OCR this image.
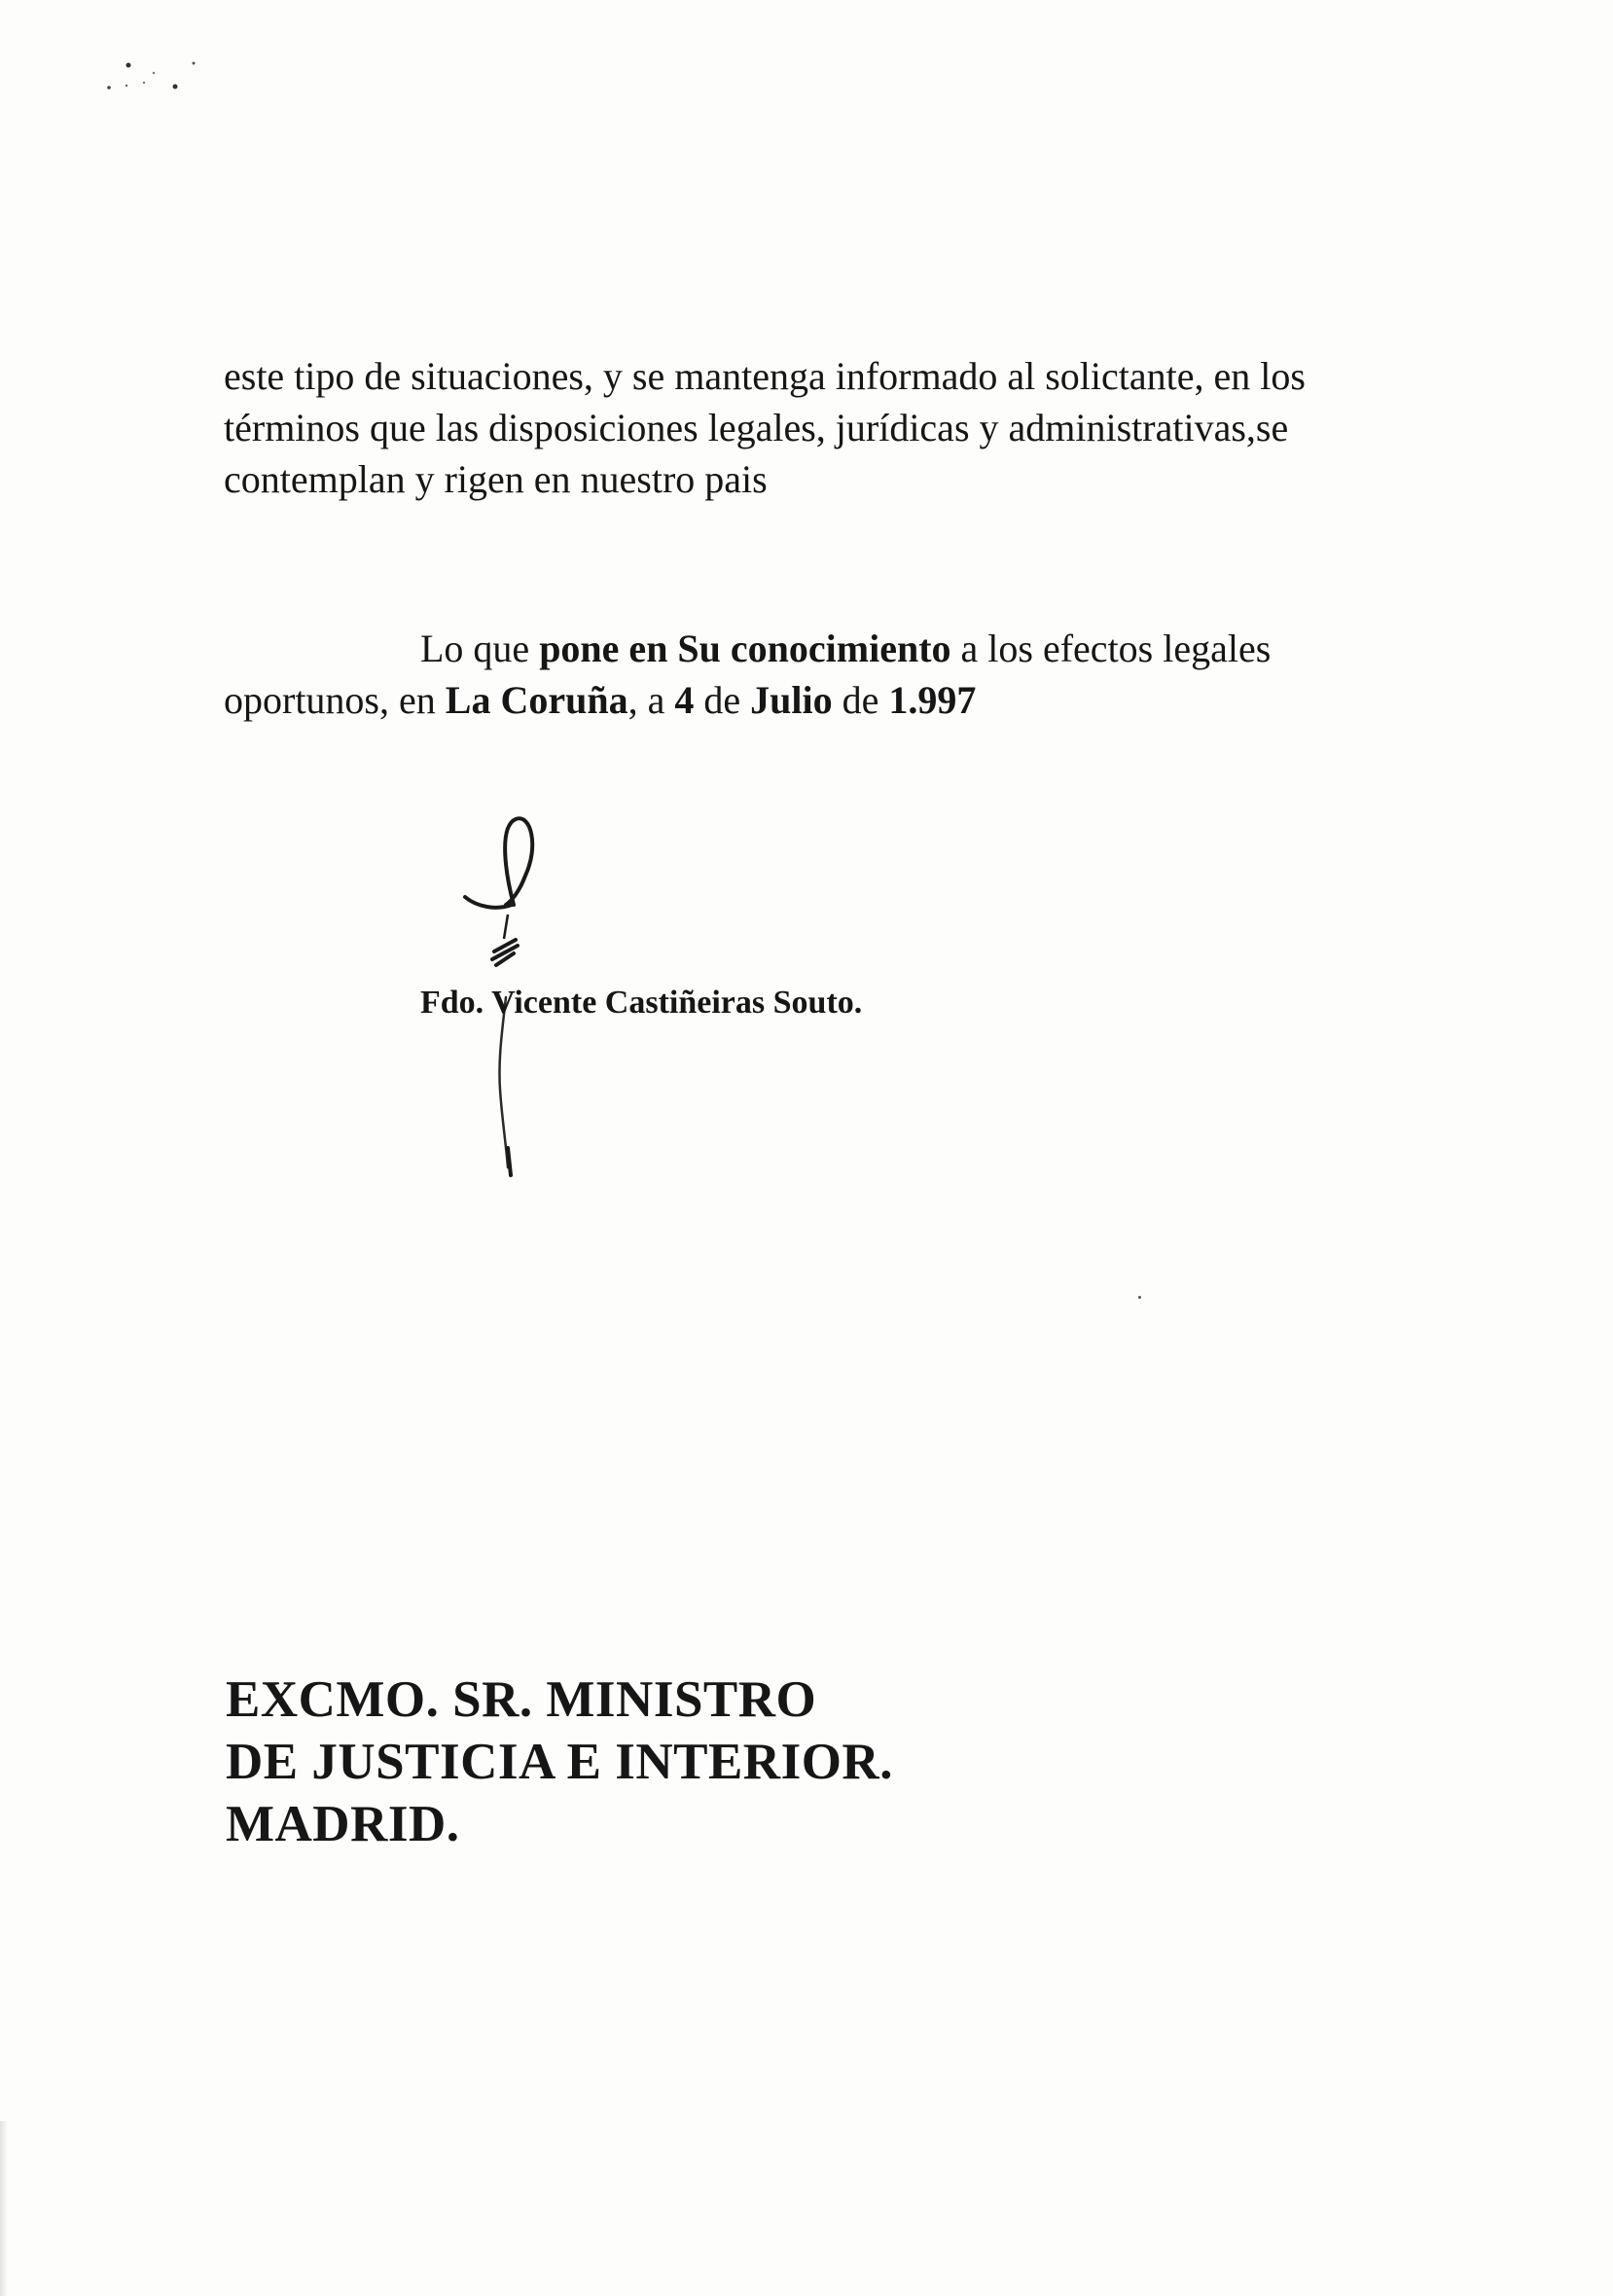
este tipo de situaciones, y se mantenga informado al solictante, en los
términos que las disposiciones legales, jurídicas y administrativas,se
contemplan y rigen en nuestro pais

Lo que pone en Su conocimiento a los efectos legales
oportunos, en La Coruña, a 4 de Julio de 1.997

Fdo. Vicente Castiñeiras Souto.
EXCMO. SR. MINISTRO
DE JUSTICIA E INTERIOR.
MADRID.
